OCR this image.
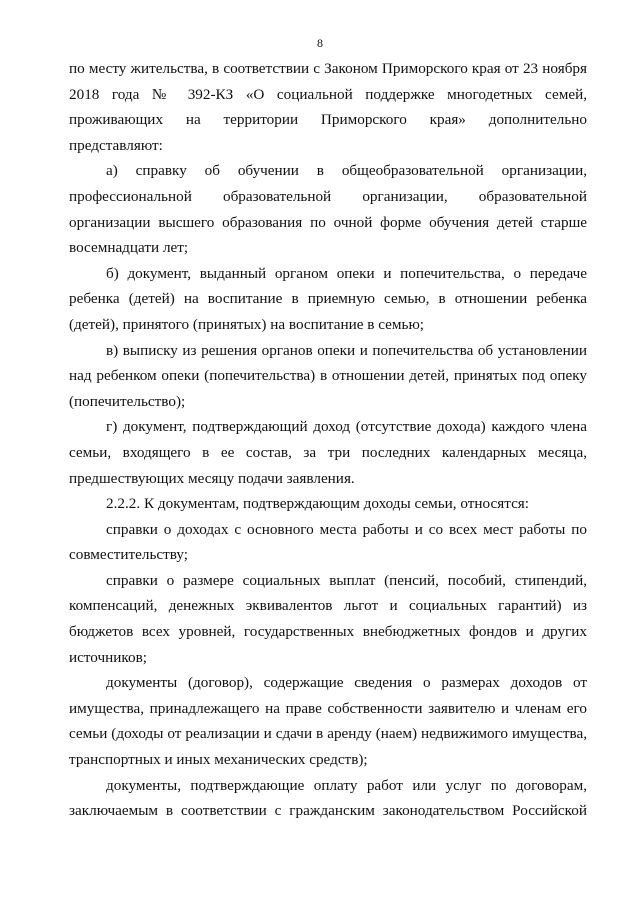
8

по месту жительства, в соответствии с Законом Приморского края от 23 ноября 2018 года № 392-КЗ «О социальной поддержке многодетных семей, проживающих на территории Приморского края» дополнительно представляют:

а) справку об обучении в общеобразовательной организации, профессиональной образовательной организации, образовательной организации высшего образования по очной форме обучения детей старше восемнадцати лет;

б) документ, выданный органом опеки и попечительства, о передаче ребенка (детей) на воспитание в приемную семью, в отношении ребенка (детей), принятого (принятых) на воспитание в семью;

в) выписку из решения органов опеки и попечительства об установлении над ребенком опеки (попечительства) в отношении детей, принятых под опеку (попечительство);

г) документ, подтверждающий доход (отсутствие дохода) каждого члена семьи, входящего в ее состав, за три последних календарных месяца, предшествующих месяцу подачи заявления.

2.2.2. К документам, подтверждающим доходы семьи, относятся:

справки о доходах с основного места работы и со всех мест работы по совместительству;

справки о размере социальных выплат (пенсий, пособий, стипендий, компенсаций, денежных эквивалентов льгот и социальных гарантий) из бюджетов всех уровней, государственных внебюджетных фондов и других источников;

документы (договор), содержащие сведения о размерах доходов от имущества, принадлежащего на праве собственности заявителю и членам его семьи (доходы от реализации и сдачи в аренду (наем) недвижимого имущества, транспортных и иных механических средств);

документы, подтверждающие оплату работ или услуг по договорам, заключаемым в соответствии с гражданским законодательством Российской
